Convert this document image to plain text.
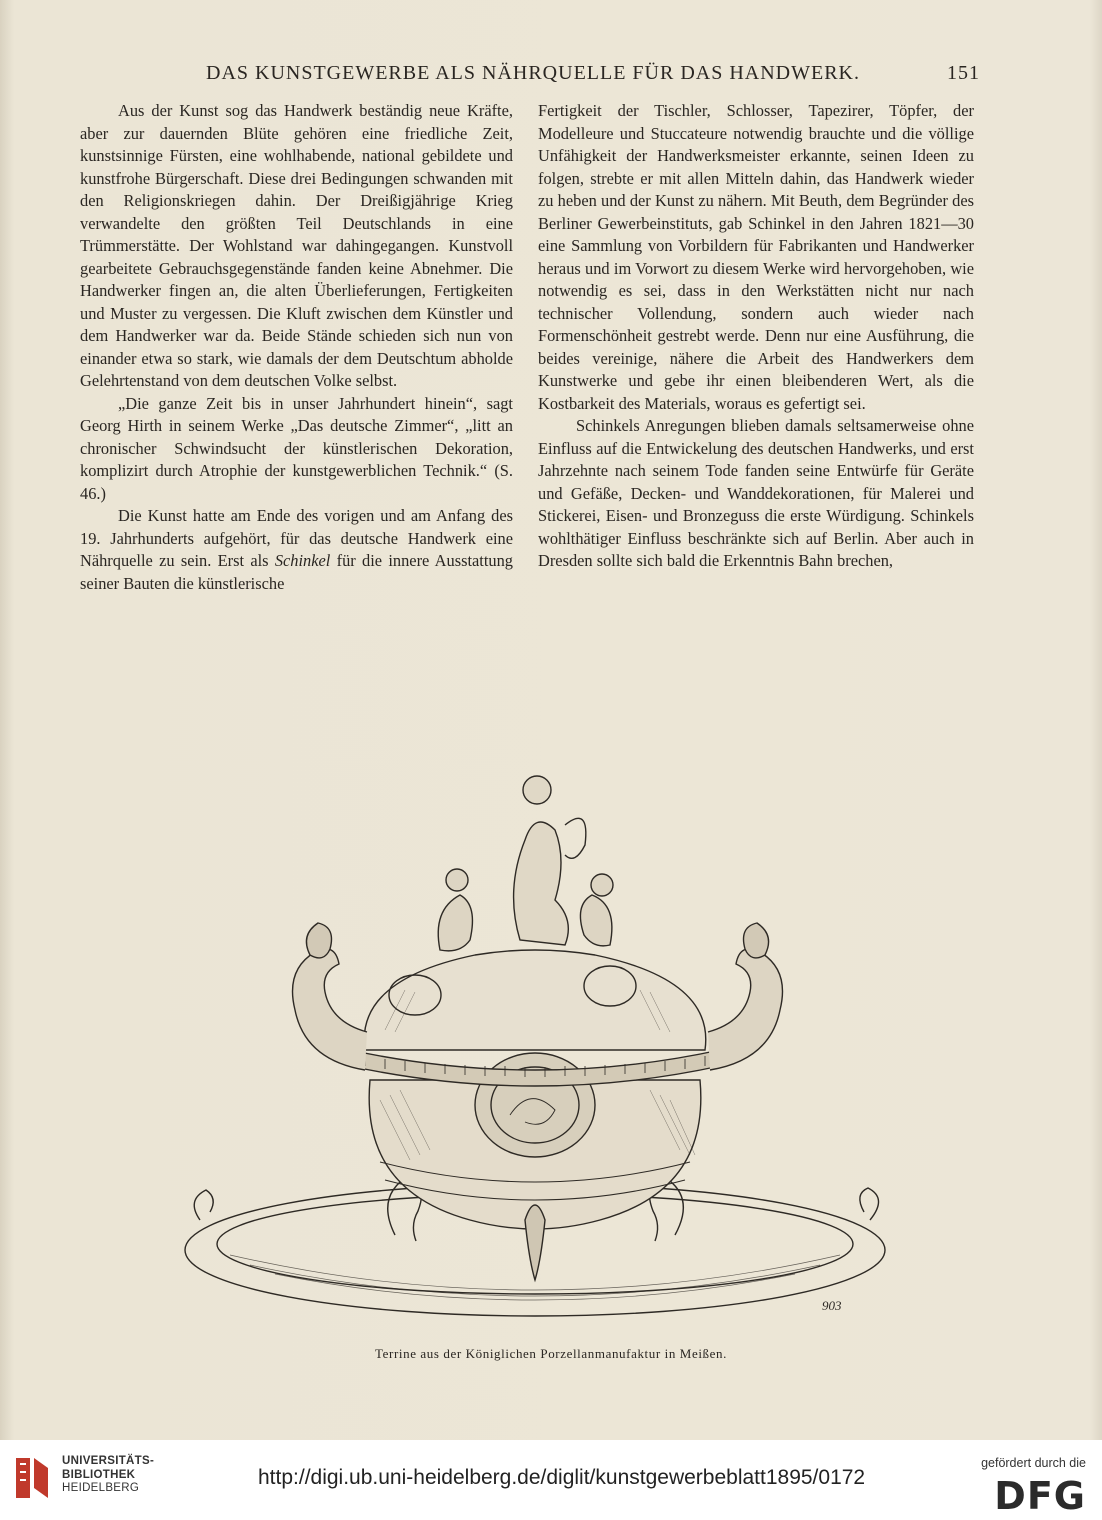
DAS KUNSTGEWERBE ALS NÄHRQUELLE FÜR DAS HANDWERK.	151

Aus der Kunst sog das Handwerk beständig neue Kräfte, aber zur dauernden Blüte gehören eine friedliche Zeit, kunstsinnige Fürsten, eine wohlhabende, national gebildete und kunstfrohe Bürgerschaft. Diese drei Bedingungen schwanden mit den Religionskriegen dahin. Der Dreißigjährige Krieg verwandelte den größten Teil Deutschlands in eine Trümmerstätte. Der Wohlstand war dahingegangen. Kunstvoll gearbeitete Gebrauchsgegenstände fanden keine Abnehmer. Die Handwerker fingen an, die alten Überlieferungen, Fertigkeiten und Muster zu vergessen. Die Kluft zwischen dem Künstler und dem Handwerker war da. Beide Stände schieden sich nun von einander etwa so stark, wie damals der dem Deutschtum abholde Gelehrtenstand von dem deutschen Volke selbst.

„Die ganze Zeit bis in unser Jahrhundert hinein“, sagt Georg Hirth in seinem Werke „Das deutsche Zimmer“, „litt an chronischer Schwindsucht der künstlerischen Dekoration, komplizirt durch Atrophie der kunstgewerblichen Technik.“ (S. 46.)

Die Kunst hatte am Ende des vorigen und am Anfang des 19. Jahrhunderts aufgehört, für das deutsche Handwerk eine Nährquelle zu sein. Erst als Schinkel für die innere Ausstattung seiner Bauten die künstlerische

Fertigkeit der Tischler, Schlosser, Tapezirer, Töpfer, der Modelleure und Stuccateure notwendig brauchte und die völlige Unfähigkeit der Handwerksmeister erkannte, seinen Ideen zu folgen, strebte er mit allen Mitteln dahin, das Handwerk wieder zu heben und der Kunst zu nähern. Mit Beuth, dem Begründer des Berliner Gewerbeinstituts, gab Schinkel in den Jahren 1821—30 eine Sammlung von Vorbildern für Fabrikanten und Handwerker heraus und im Vorwort zu diesem Werke wird hervorgehoben, wie notwendig es sei, dass in den Werkstätten nicht nur nach technischer Vollendung, sondern auch wieder nach Formenschönheit gestrebt werde. Denn nur eine Ausführung, die beides vereinige, nähere die Arbeit des Handwerkers dem Kunstwerke und gebe ihr einen bleibenderen Wert, als die Kostbarkeit des Materials, woraus es gefertigt sei.

Schinkels Anregungen blieben damals seltsamerweise ohne Einfluss auf die Entwickelung des deutschen Handwerks, und erst Jahrzehnte nach seinem Tode fanden seine Entwürfe für Geräte und Gefäße, Decken- und Wanddekorationen, für Malerei und Stickerei, Eisen- und Bronzeguss die erste Würdigung. Schinkels wohlthätiger Einfluss beschränkte sich auf Berlin. Aber auch in Dresden sollte sich bald die Erkenntnis Bahn brechen,

903
Terrine aus der Königlichen Porzellanmanufaktur in Meißen.
UNIVERSITÄTS-
BIBLIOTHEK
HEIDELBERG	http://digi.ub.uni-heidelberg.de/diglit/kunstgewerbeblatt1895/0172
gefördert durch die
DFG
